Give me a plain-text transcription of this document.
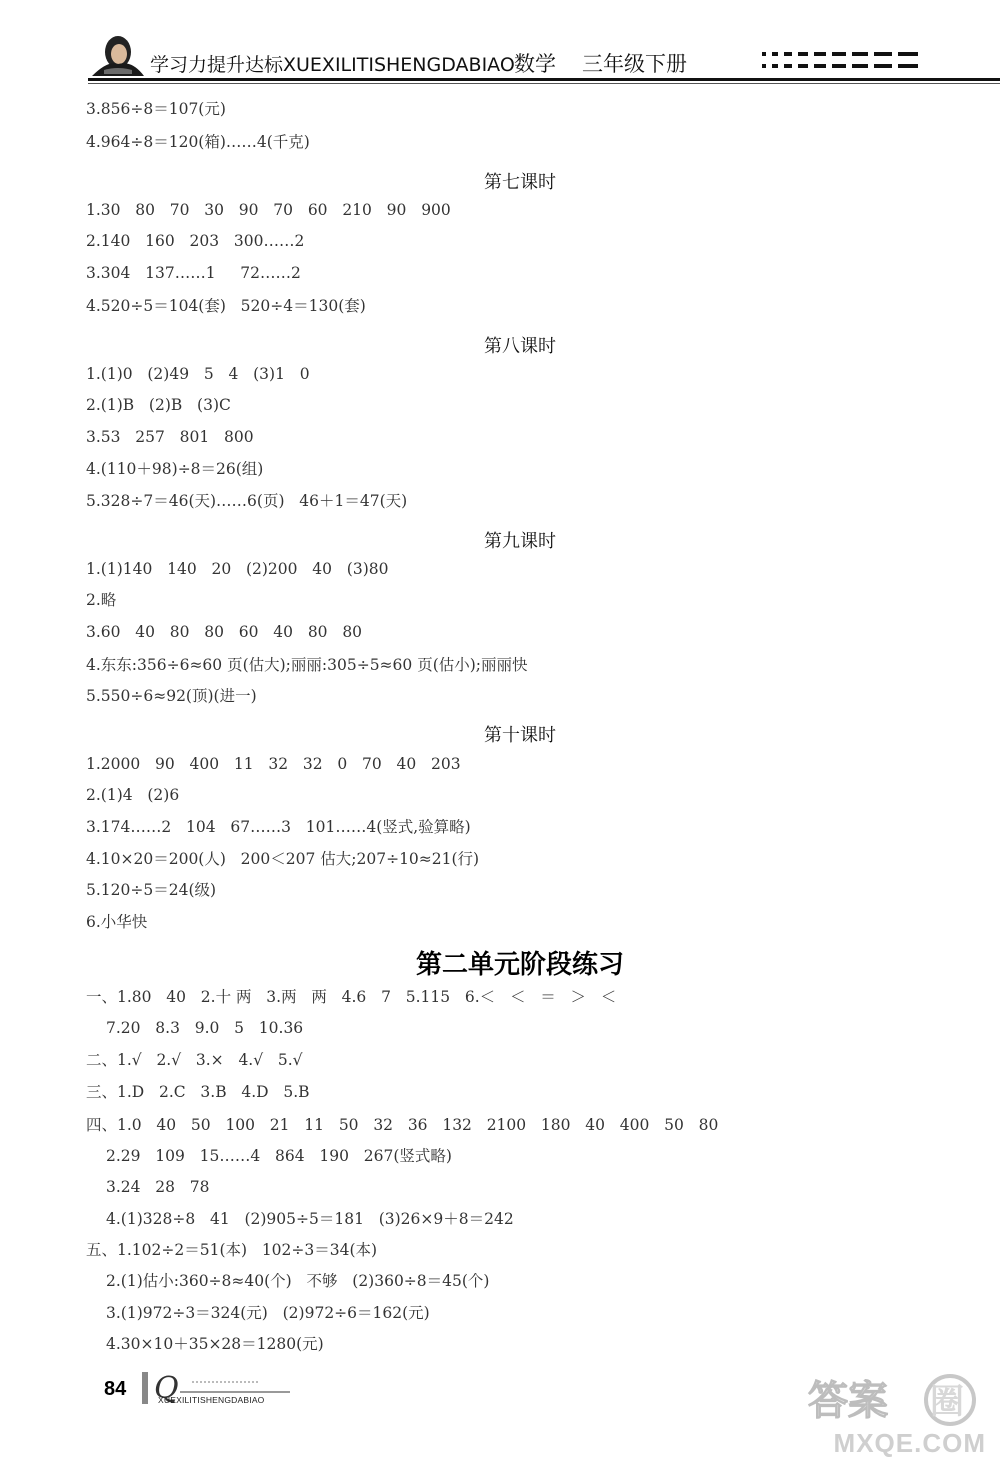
学习力提升达标XUEXILITISHENGDABIAO 数学 三年级下册
3.856÷8＝107(元)
4.964÷8＝120(箱)……4(千克)
第七课时
1.30   80   70   30   90   70   60   210   90   900
2.140   160   203   300……2
3.304   137……1     72……2
4.520÷5＝104(套)   520÷4＝130(套)
第八课时
1.(1)0   (2)49   5   4   (3)1   0
2.(1)B   (2)B   (3)C
3.53   257   801   800
4.(110＋98)÷8＝26(组)
5.328÷7＝46(天)……6(页)   46＋1＝47(天)
第九课时
1.(1)140   140   20   (2)200   40   (3)80
2.略
3.60   40   80   80   60   40   80   80
4.东东:356÷6≈60 页(估大);丽丽:305÷5≈60 页(估小);丽丽快
5.550÷6≈92(顶)(进一)
第十课时
1.2000   90   400   11   32   32   0   70   40   203
2.(1)4   (2)6
3.174……2   104   67……3   101……4(竖式,验算略)
4.10×20＝200(人)   200＜207 估大;207÷10≈21(行)
5.120÷5＝24(级)
6.小华快
第二单元阶段练习
一、1.80   40   2.十 两   3.两   两   4.6   7   5.115   6.＜   ＜   ＝   ＞   ＜
7.20   8.3   9.0   5   10.36
二、1.√   2.√   3.×   4.√   5.√
三、1.D   2.C   3.B   4.D   5.B
四、1.0   40   50   100   21   11   50   32   36   132   2100   180   40   400   50   80
2.29   109   15……4   864   190   267(竖式略)
3.24   28   78
4.(1)328÷8   41   (2)905÷5＝181   (3)26×9＋8＝242
五、1.102÷2＝51(本)   102÷3＝34(本)
2.(1)估小:360÷8≈40(个)   不够   (2)360÷8＝45(个)
3.(1)972÷3＝324(元)   (2)972÷6＝162(元)
4.30×10＋35×28＝1280(元)
84 Q
XUEXILITISHENGDABIAO	答案 圈
MXQE.COM
